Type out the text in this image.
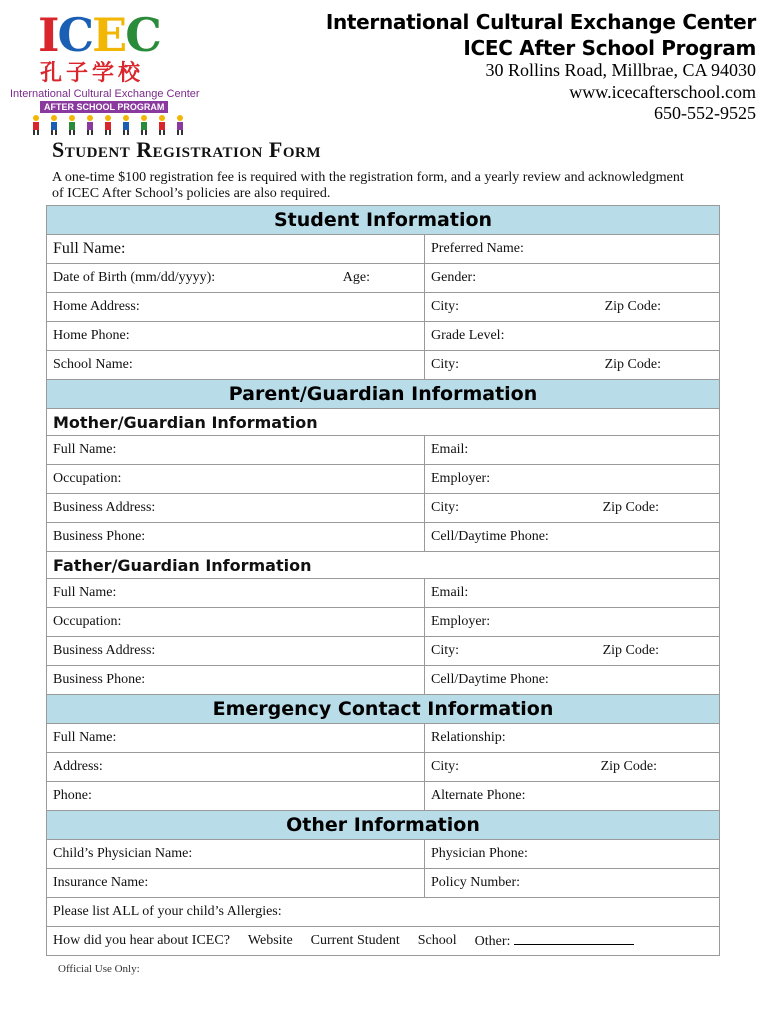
ICEC
孔子学校
International Cultural Exchange Center
AFTER SCHOOL PROGRAM
International Cultural Exchange Center
ICEC After School Program
30 Rollins Road, Millbrae, CA 94030
www.icecafterschool.com
650-552-9525
Student Registration Form
A one-time $100 registration fee is required with the registration form, and a yearly review and acknowledgment of ICEC After School’s policies are also required.
Student Information	
Full Name:	Preferred Name:

Date of Birth (mm/dd/yyyy): Age:	Gender:
Home Address:	City: Zip Code:

Home Phone:	Grade Level:
School Name:	City: Zip Code:

Parent/Guardian Information	
Mother/Guardian Information	
Full Name:	Email:
Occupation:	Employer:
Business Address:	City: Zip Code:

Business Phone:	Cell/Daytime Phone:
Father/Guardian Information	
Full Name:	Email:
Occupation:	Employer:
Business Address:	City: Zip Code:

Business Phone:	Cell/Daytime Phone:
Emergency Contact Information	
Full Name:	Relationship:
Address:	City: Zip Code:

Phone:	Alternate Phone:
Other Information	
Child’s Physician Name:	Physician Phone:
Insurance Name:	Policy Number:
Please list ALL of your child’s Allergies:	

How did you hear about ICEC? Website Current Student School Other:	
Official Use Only:
